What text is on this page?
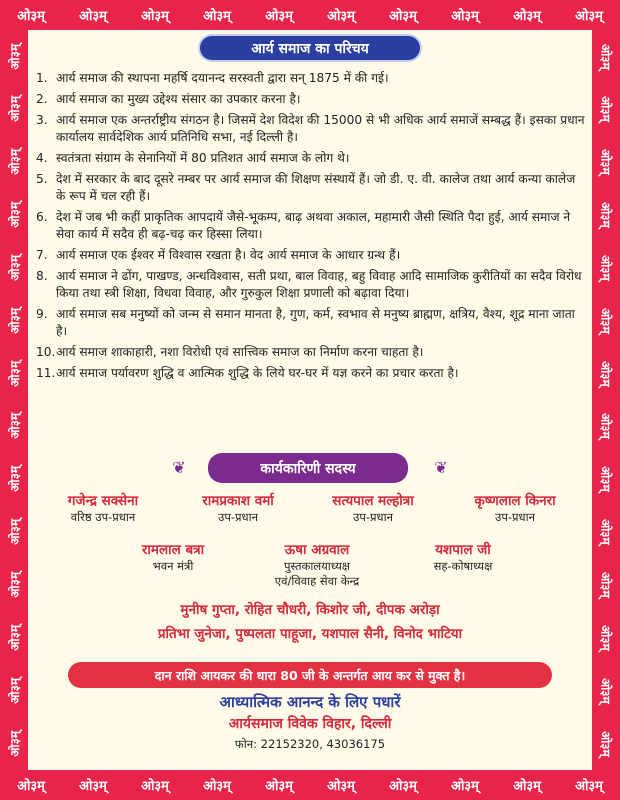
ओ३म्	ओ३म्	ओ३म्	ओ३म्	ओ३म्	ओ३म्	ओ३म्	ओ३म्	ओ३म्	ओ३म्
ओ३म्	ओ३म्	ओ३म्	ओ३म्	ओ३म्	ओ३म्	ओ३म्	ओ३म्	ओ३म्	ओ३म्
ओ३म्
ओ३म्
ओ३म्
ओ३म्
ओ३म्
ओ३म्
ओ३म्
ओ३म्
ओ३म्
ओ३म्
ओ३म्
ओ३म्
ओ३म्
ओ३म्
ओ३म्
ओ३म्
ओ३म्
ओ३म्
ओ३म्
ओ३म्
ओ३म्
ओ३म्
ओ३म्
ओ३म्
ओ३म्
ओ३म्
ओ३म्
ओ३म्
आर्य समाज का परिचय
1. आर्य समाज की स्थापना महर्षि दयानन्द सरस्वती द्वारा सन् 1875 में की गई।
2. आर्य समाज का मुख्य उद्देश्य संसार का उपकार करना है।
3. आर्य समाज एक अन्तर्राष्ट्रीय संगठन है। जिसमें देश विदेश की 15000 से भी अधिक आर्य समाजें सम्बद्ध हैं। इसका प्रधान कार्यालय सार्वदेशिक आर्य प्रतिनिधि सभा, नई दिल्ली है।
4. स्वतंत्रता संग्राम के सेनानियों में 80 प्रतिशत आर्य समाज के लोग थे।
5. देश में सरकार के बाद दूसरे नम्बर पर आर्य समाज की शिक्षण संस्थायें हैं। जो डी. ए. वी. कालेज तथा आर्य कन्या कालेज के रूप में चल रही हैं।
6. देश में जब भी कहीं प्राकृतिक आपदायें जैसे-भूकम्प, बाढ़ अथवा अकाल, महामारी जैसी स्थिति पैदा हुई, आर्य समाज ने सेवा कार्य में सदैव ही बढ़-चढ़ कर हिस्सा लिया।
7. आर्य समाज एक ईश्वर में विश्वास रखता है। वेद आर्य समाज के आधार ग्रन्थ हैं।
8. आर्य समाज ने ढोंग, पाखण्ड, अन्धविश्वास, सती प्रथा, बाल विवाह, बहु विवाह आदि सामाजिक कुरीतियों का सदैव विरोध किया तथा स्त्री शिक्षा, विधवा विवाह, और गुरुकुल शिक्षा प्रणाली को बढ़ावा दिया।
9. आर्य समाज सब मनुष्यों को जन्म से समान मानता है, गुण, कर्म, स्वभाव से मनुष्य ब्राह्मण, क्षत्रिय, वैश्य, शूद्र माना जाता है।
10. आर्य समाज शाकाहारी, नशा विरोधी एवं सात्त्विक समाज का निर्माण करना चाहता है।
11. आर्य समाज पर्यावरण शुद्धि व आत्मिक शुद्धि के लिये घर-घर में यज्ञ करने का प्रचार करता है।
❦	कार्यकारिणी सदस्य	❦
गजेन्द्र सक्सेना
वरिष्ठ उप-प्रधान
रामप्रकाश वर्मा
उप-प्रधान
सत्यपाल मल्होत्रा
उप-प्रधान
कृष्णलाल किनरा
उप-प्रधान
रामलाल बत्रा
भवन मंत्री
ऊषा अग्रवाल
पुस्तकालयाध्यक्ष
एवं/विवाह सेवा केन्द्र
यशपाल जी
सह-कोषाध्यक्ष
मुनीष गुप्ता, रोहित चौधरी, किशोर जी, दीपक अरोड़ा
प्रतिभा जुनेजा, पुष्पलता पाहूजा, यशपाल सैनी, विनोद भाटिया
दान राशि आयकर की धारा 80 जी के अन्तर्गत आय कर से मुक्त है।
आध्यात्मिक आनन्द के लिए पधारें
आर्यसमाज विवेक विहार, दिल्ली
फोन: 22152320, 43036175
